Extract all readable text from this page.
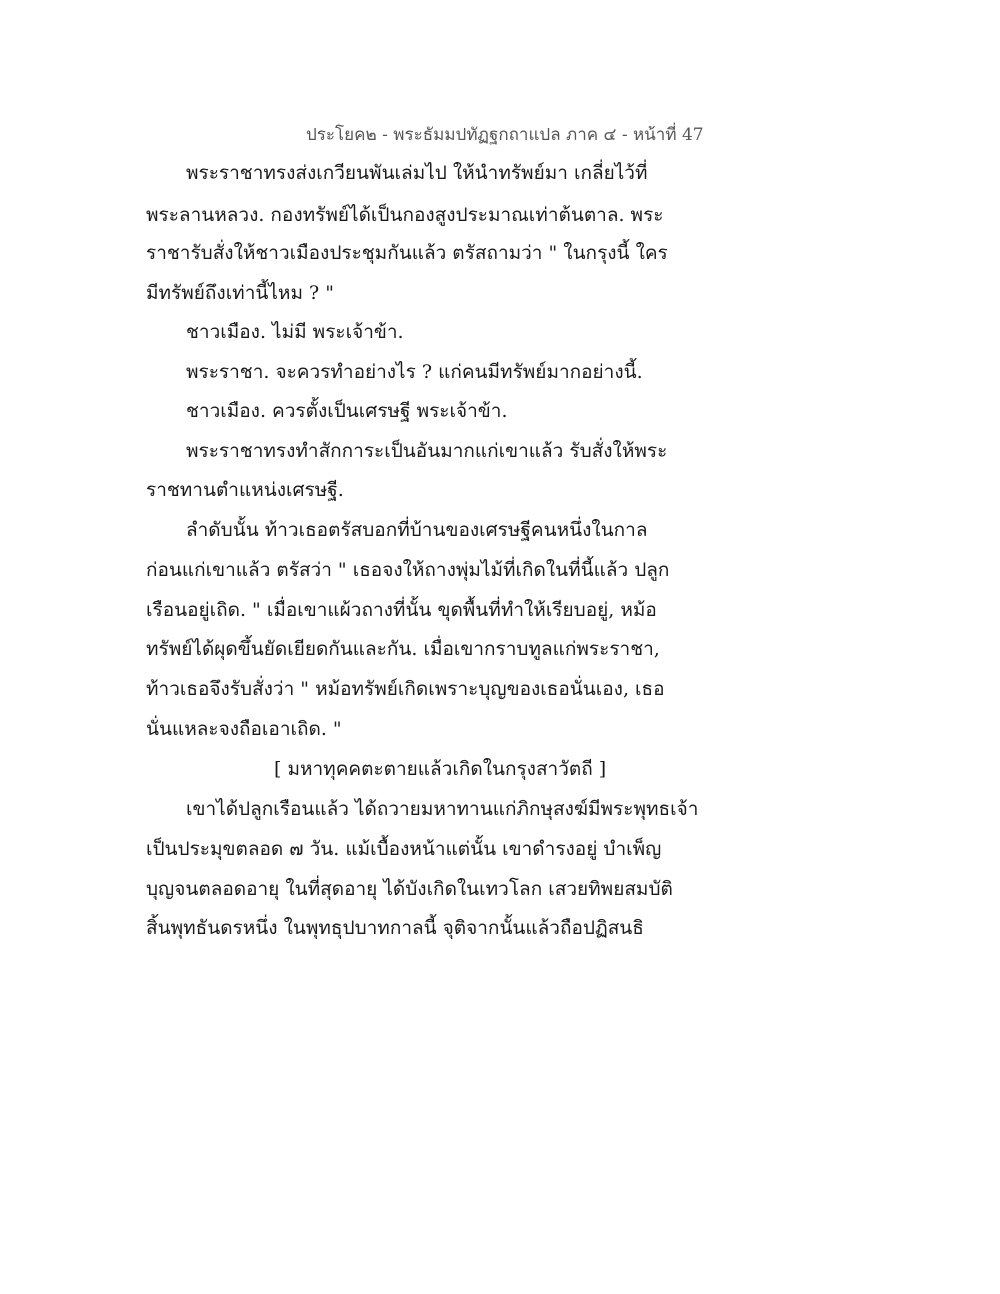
ประโยค๒ - พระธัมมปทัฏฐกถาแปล ภาค ๔ - หน้าที่ 47
พระราชาทรงส่งเกวียนพันเล่มไป ให้นำทรัพย์มา เกลี่ยไว้ที่
พระลานหลวง. กองทรัพย์ได้เป็นกองสูงประมาณเท่าต้นตาล. พระ
ราชารับสั่งให้ชาวเมืองประชุมกันแล้ว ตรัสถามว่า " ในกรุงนี้ ใคร
มีทรัพย์ถึงเท่านี้ไหม ? "
ชาวเมือง. ไม่มี พระเจ้าข้า.
พระราชา. จะควรทำอย่างไร ? แก่คนมีทรัพย์มากอย่างนี้.
ชาวเมือง. ควรตั้งเป็นเศรษฐี พระเจ้าข้า.
พระราชาทรงทำสักการะเป็นอันมากแก่เขาแล้ว รับสั่งให้พระ
ราชทานตำแหน่งเศรษฐี.
ลำดับนั้น ท้าวเธอตรัสบอกที่บ้านของเศรษฐีคนหนึ่งในกาล
ก่อนแก่เขาแล้ว ตรัสว่า " เธอจงให้ถางพุ่มไม้ที่เกิดในที่นี้แล้ว ปลูก
เรือนอยู่เถิด. " เมื่อเขาแผ้วถางที่นั้น ขุดพื้นที่ทำให้เรียบอยู่, หม้อ
ทรัพย์ได้ผุดขึ้นยัดเยียดกันและกัน. เมื่อเขากราบทูลแก่พระราชา,
ท้าวเธอจึงรับสั่งว่า " หม้อทรัพย์เกิดเพราะบุญของเธอนั่นเอง, เธอ
นั่นแหละจงถือเอาเถิด. "
[ มหาทุคคตะตายแล้วเกิดในกรุงสาวัตถี ]
เขาได้ปลูกเรือนแล้ว ได้ถวายมหาทานแก่ภิกษุสงฆ์มีพระพุทธเจ้า
เป็นประมุขตลอด ๗ วัน. แม้เบื้องหน้าแต่นั้น เขาดำรงอยู่ บำเพ็ญ
บุญจนตลอดอายุ ในที่สุดอายุ ได้บังเกิดในเทวโลก เสวยทิพยสมบัติ
สิ้นพุทธันดรหนึ่ง ในพุทธุปบาทกาลนี้ จุติจากนั้นแล้วถือปฏิสนธิ
